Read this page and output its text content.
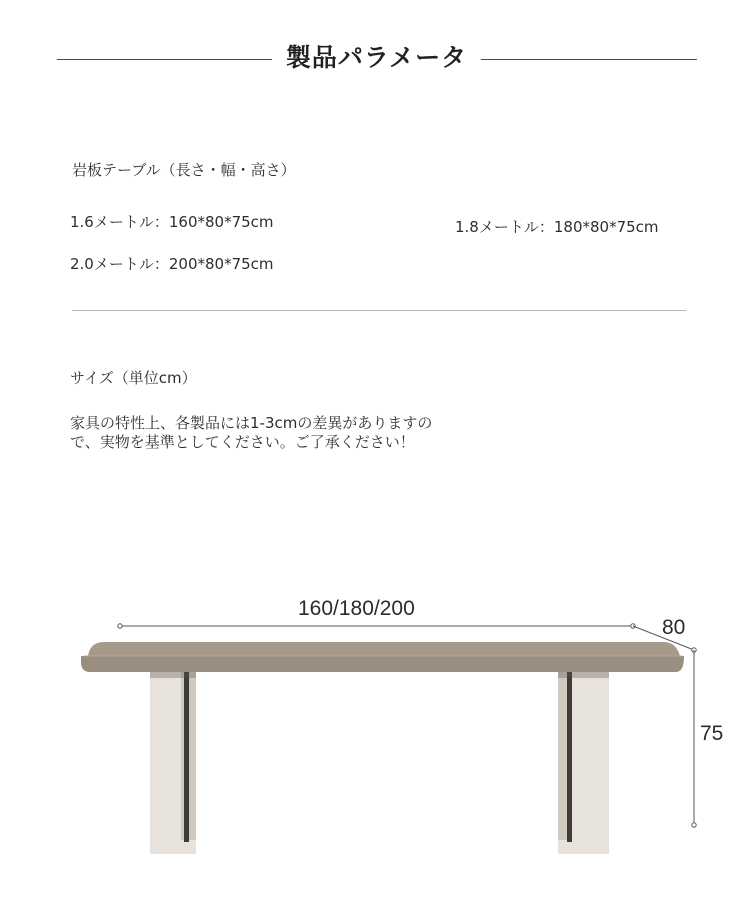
製品パラメータ
岩板テーブル（長さ・幅・高さ）
1.6メートル：160*80*75cm	1.8メートル：180*80*75cm
2.0メートル：200*80*75cm
サイズ（単位cm）
家具の特性上、各製品には1-3cmの差異がありますの
で、実物を基準としてください。ご了承ください！
160/180/200
80
75
